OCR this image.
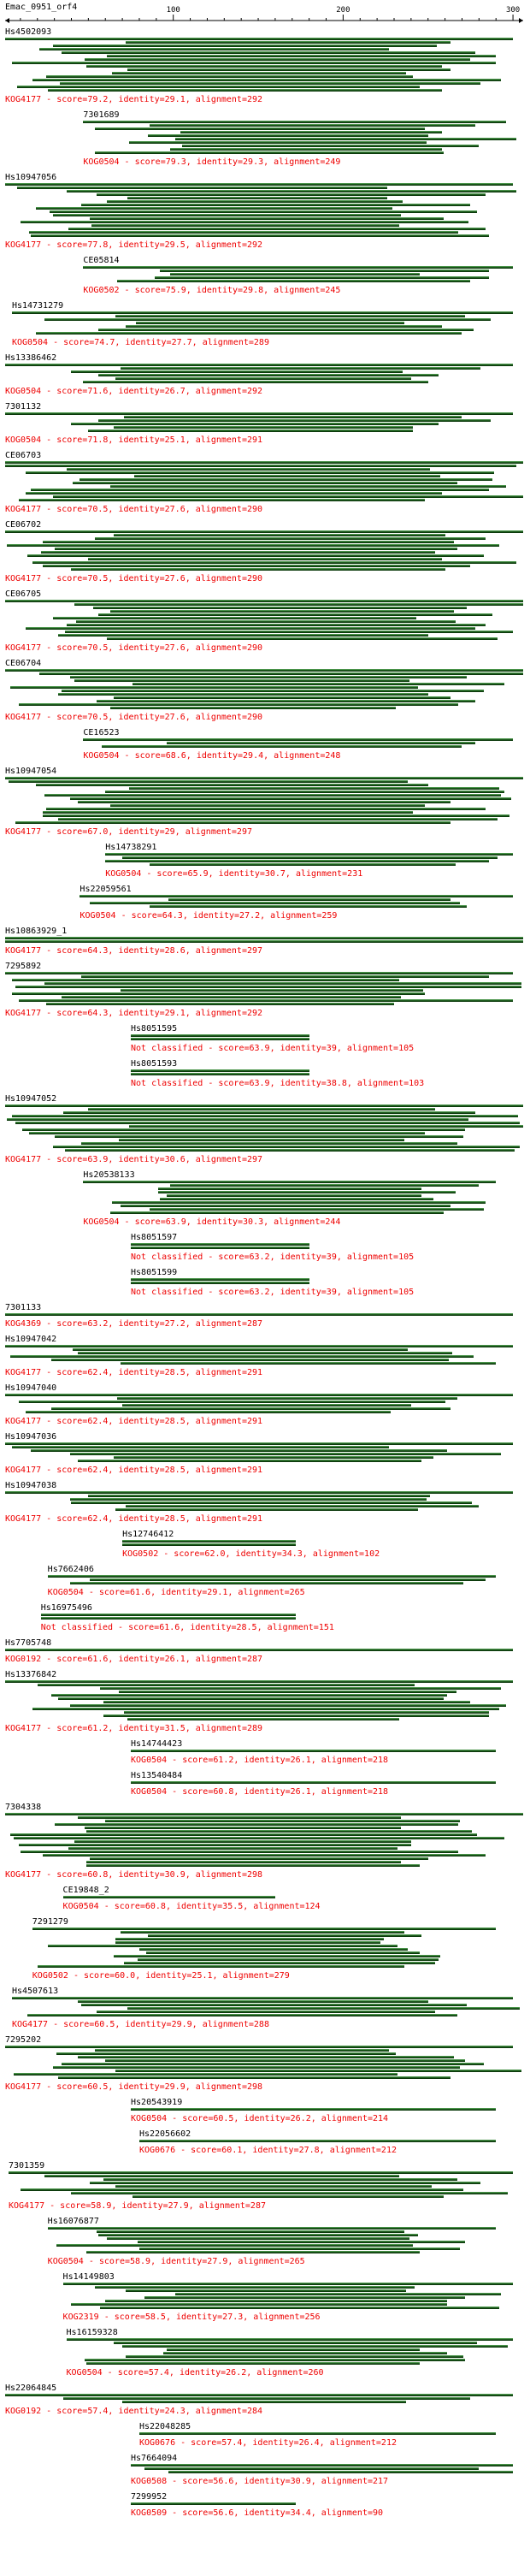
Emac_0951_orf4	100	200	300
Hs4502093
KOG4177 - score=79.2, identity=29.1, alignment=292
7301689
KOG0504 - score=79.3, identity=29.3, alignment=249
Hs10947056
KOG4177 - score=77.8, identity=29.5, alignment=292
CE05814
KOG0502 - score=75.9, identity=29.8, alignment=245
Hs14731279
KOG0504 - score=74.7, identity=27.7, alignment=289
Hs13386462
KOG0504 - score=71.6, identity=26.7, alignment=292
7301132
KOG0504 - score=71.8, identity=25.1, alignment=291
CE06703
KOG4177 - score=70.5, identity=27.6, alignment=290
CE06702
KOG4177 - score=70.5, identity=27.6, alignment=290
CE06705
KOG4177 - score=70.5, identity=27.6, alignment=290
CE06704
KOG4177 - score=70.5, identity=27.6, alignment=290
CE16523
KOG0504 - score=68.6, identity=29.4, alignment=248
Hs10947054
KOG4177 - score=67.0, identity=29, alignment=297
Hs14738291
KOG0504 - score=65.9, identity=30.7, alignment=231
Hs22059561
KOG0504 - score=64.3, identity=27.2, alignment=259
Hs10863929_1
KOG4177 - score=64.3, identity=28.6, alignment=297
7295892
KOG4177 - score=64.3, identity=29.1, alignment=292
Hs8051595
Not classified - score=63.9, identity=39, alignment=105
Hs8051593
Not classified - score=63.9, identity=38.8, alignment=103
Hs10947052
KOG4177 - score=63.9, identity=30.6, alignment=297
Hs20538133
KOG0504 - score=63.9, identity=30.3, alignment=244
Hs8051597
Not classified - score=63.2, identity=39, alignment=105
Hs8051599
Not classified - score=63.2, identity=39, alignment=105
7301133
KOG4369 - score=63.2, identity=27.2, alignment=287
Hs10947042
KOG4177 - score=62.4, identity=28.5, alignment=291
Hs10947040
KOG4177 - score=62.4, identity=28.5, alignment=291
Hs10947036
KOG4177 - score=62.4, identity=28.5, alignment=291
Hs10947038
KOG4177 - score=62.4, identity=28.5, alignment=291
Hs12746412
KOG0502 - score=62.0, identity=34.3, alignment=102
Hs7662406
KOG0504 - score=61.6, identity=29.1, alignment=265
Hs16975496
Not classified - score=61.6, identity=28.5, alignment=151
Hs7705748
KOG0192 - score=61.6, identity=26.1, alignment=287
Hs13376842
KOG4177 - score=61.2, identity=31.5, alignment=289
Hs14744423
KOG0504 - score=61.2, identity=26.1, alignment=218
Hs13540484
KOG0504 - score=60.8, identity=26.1, alignment=218
7304338
KOG4177 - score=60.8, identity=30.9, alignment=298
CE19848_2
KOG0504 - score=60.8, identity=35.5, alignment=124
7291279
KOG0502 - score=60.0, identity=25.1, alignment=279
Hs4507613
KOG4177 - score=60.5, identity=29.9, alignment=288
7295202
KOG4177 - score=60.5, identity=29.9, alignment=298
Hs20543919
KOG0504 - score=60.5, identity=26.2, alignment=214
Hs22056602
KOG0676 - score=60.1, identity=27.8, alignment=212
7301359
KOG4177 - score=58.9, identity=27.9, alignment=287
Hs16076877
KOG0504 - score=58.9, identity=27.9, alignment=265
Hs14149803
KOG2319 - score=58.5, identity=27.3, alignment=256
Hs16159328
KOG0504 - score=57.4, identity=26.2, alignment=260
Hs22064845
KOG0192 - score=57.4, identity=24.3, alignment=284
Hs22048285
KOG0676 - score=57.4, identity=26.4, alignment=212
Hs7664094
KOG0508 - score=56.6, identity=30.9, alignment=217
7299952
KOG0509 - score=56.6, identity=34.4, alignment=90
